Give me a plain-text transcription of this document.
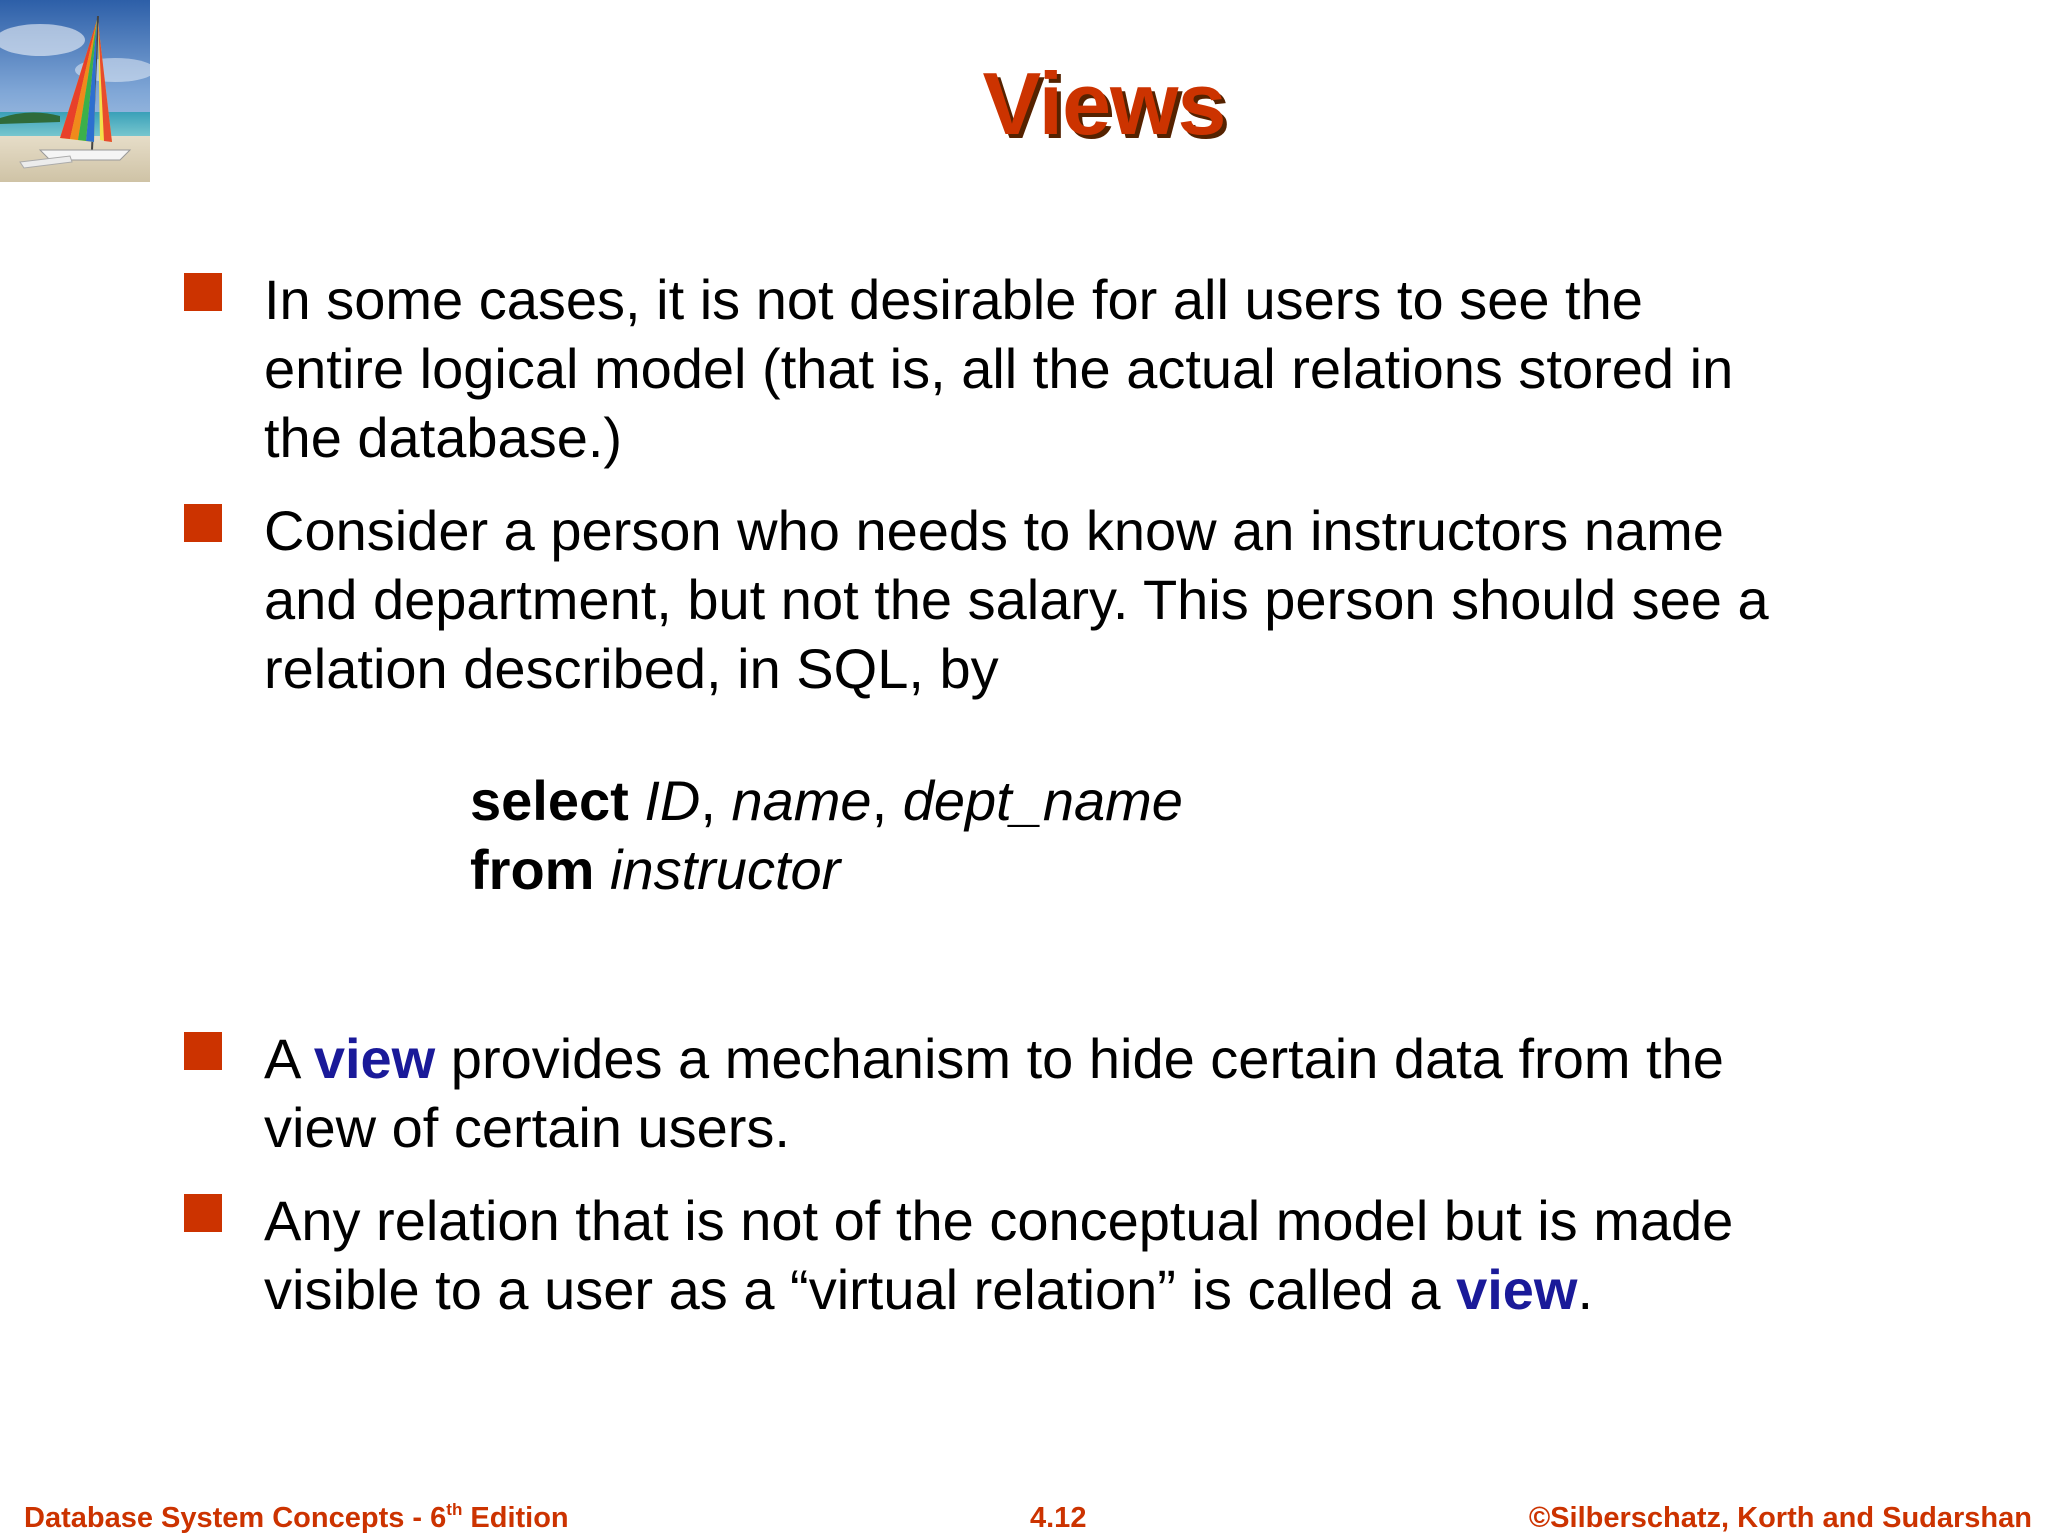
Views
In some cases, it is not desirable for all users to see the
entire logical model (that is, all the actual relations stored in
the database.)
Consider a person who needs to know an instructors name
and department, but not the salary. This person should see a
relation described, in SQL, by
select ID, name, dept_name
from instructor
A view provides a mechanism to hide certain data from the
view of certain users.
Any relation that is not of the conceptual model but is made
visible to a user as a “virtual relation” is called a view.
Database System Concepts - 6th Edition	4.12	©Silberschatz, Korth and Sudarshan
